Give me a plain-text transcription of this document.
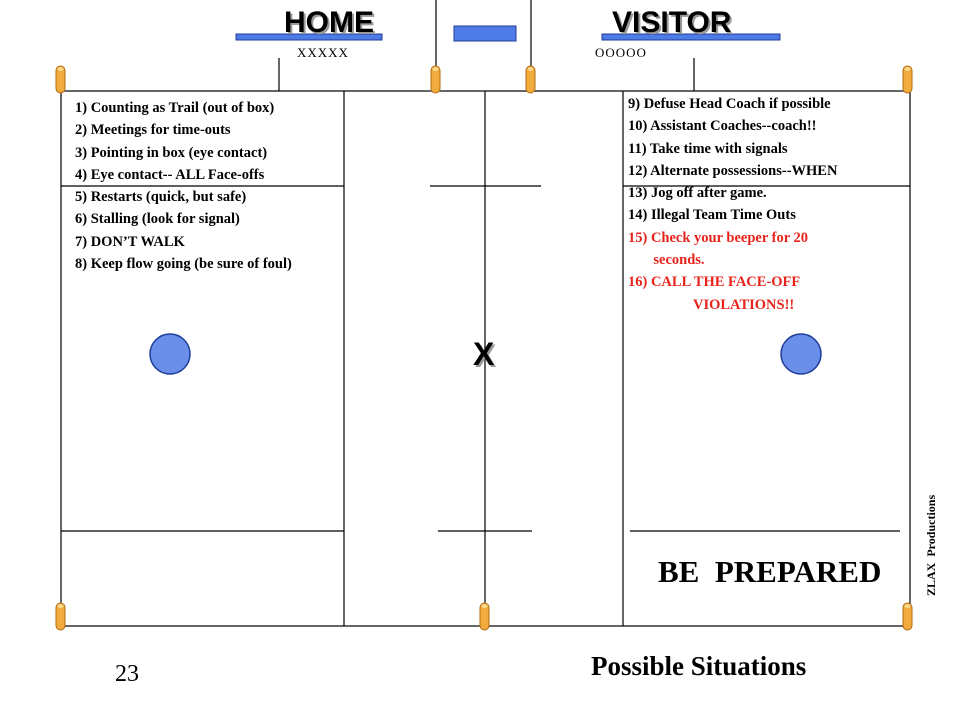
HOME	VISITOR
XXXXX	OOOOO
1) Counting as Trail (out of box)
2) Meetings for time-outs
3) Pointing in box (eye contact)
4) Eye contact-- ALL Face-offs
5) Restarts (quick, but safe)
6) Stalling (look for signal)
7) DON’T WALK
8) Keep flow going (be sure of foul)
9) Defuse Head Coach if possible
10) Assistant Coaches--coach!!
11) Take time with signals
12) Alternate possessions--WHEN
13) Jog off after game.
14) Illegal Team Time Outs
15) Check your beeper for 20
seconds.
16) CALL THE FACE-OFF
VIOLATIONS!!
X
BE  PREPARED	ZLAX  Productions
23	Possible Situations
